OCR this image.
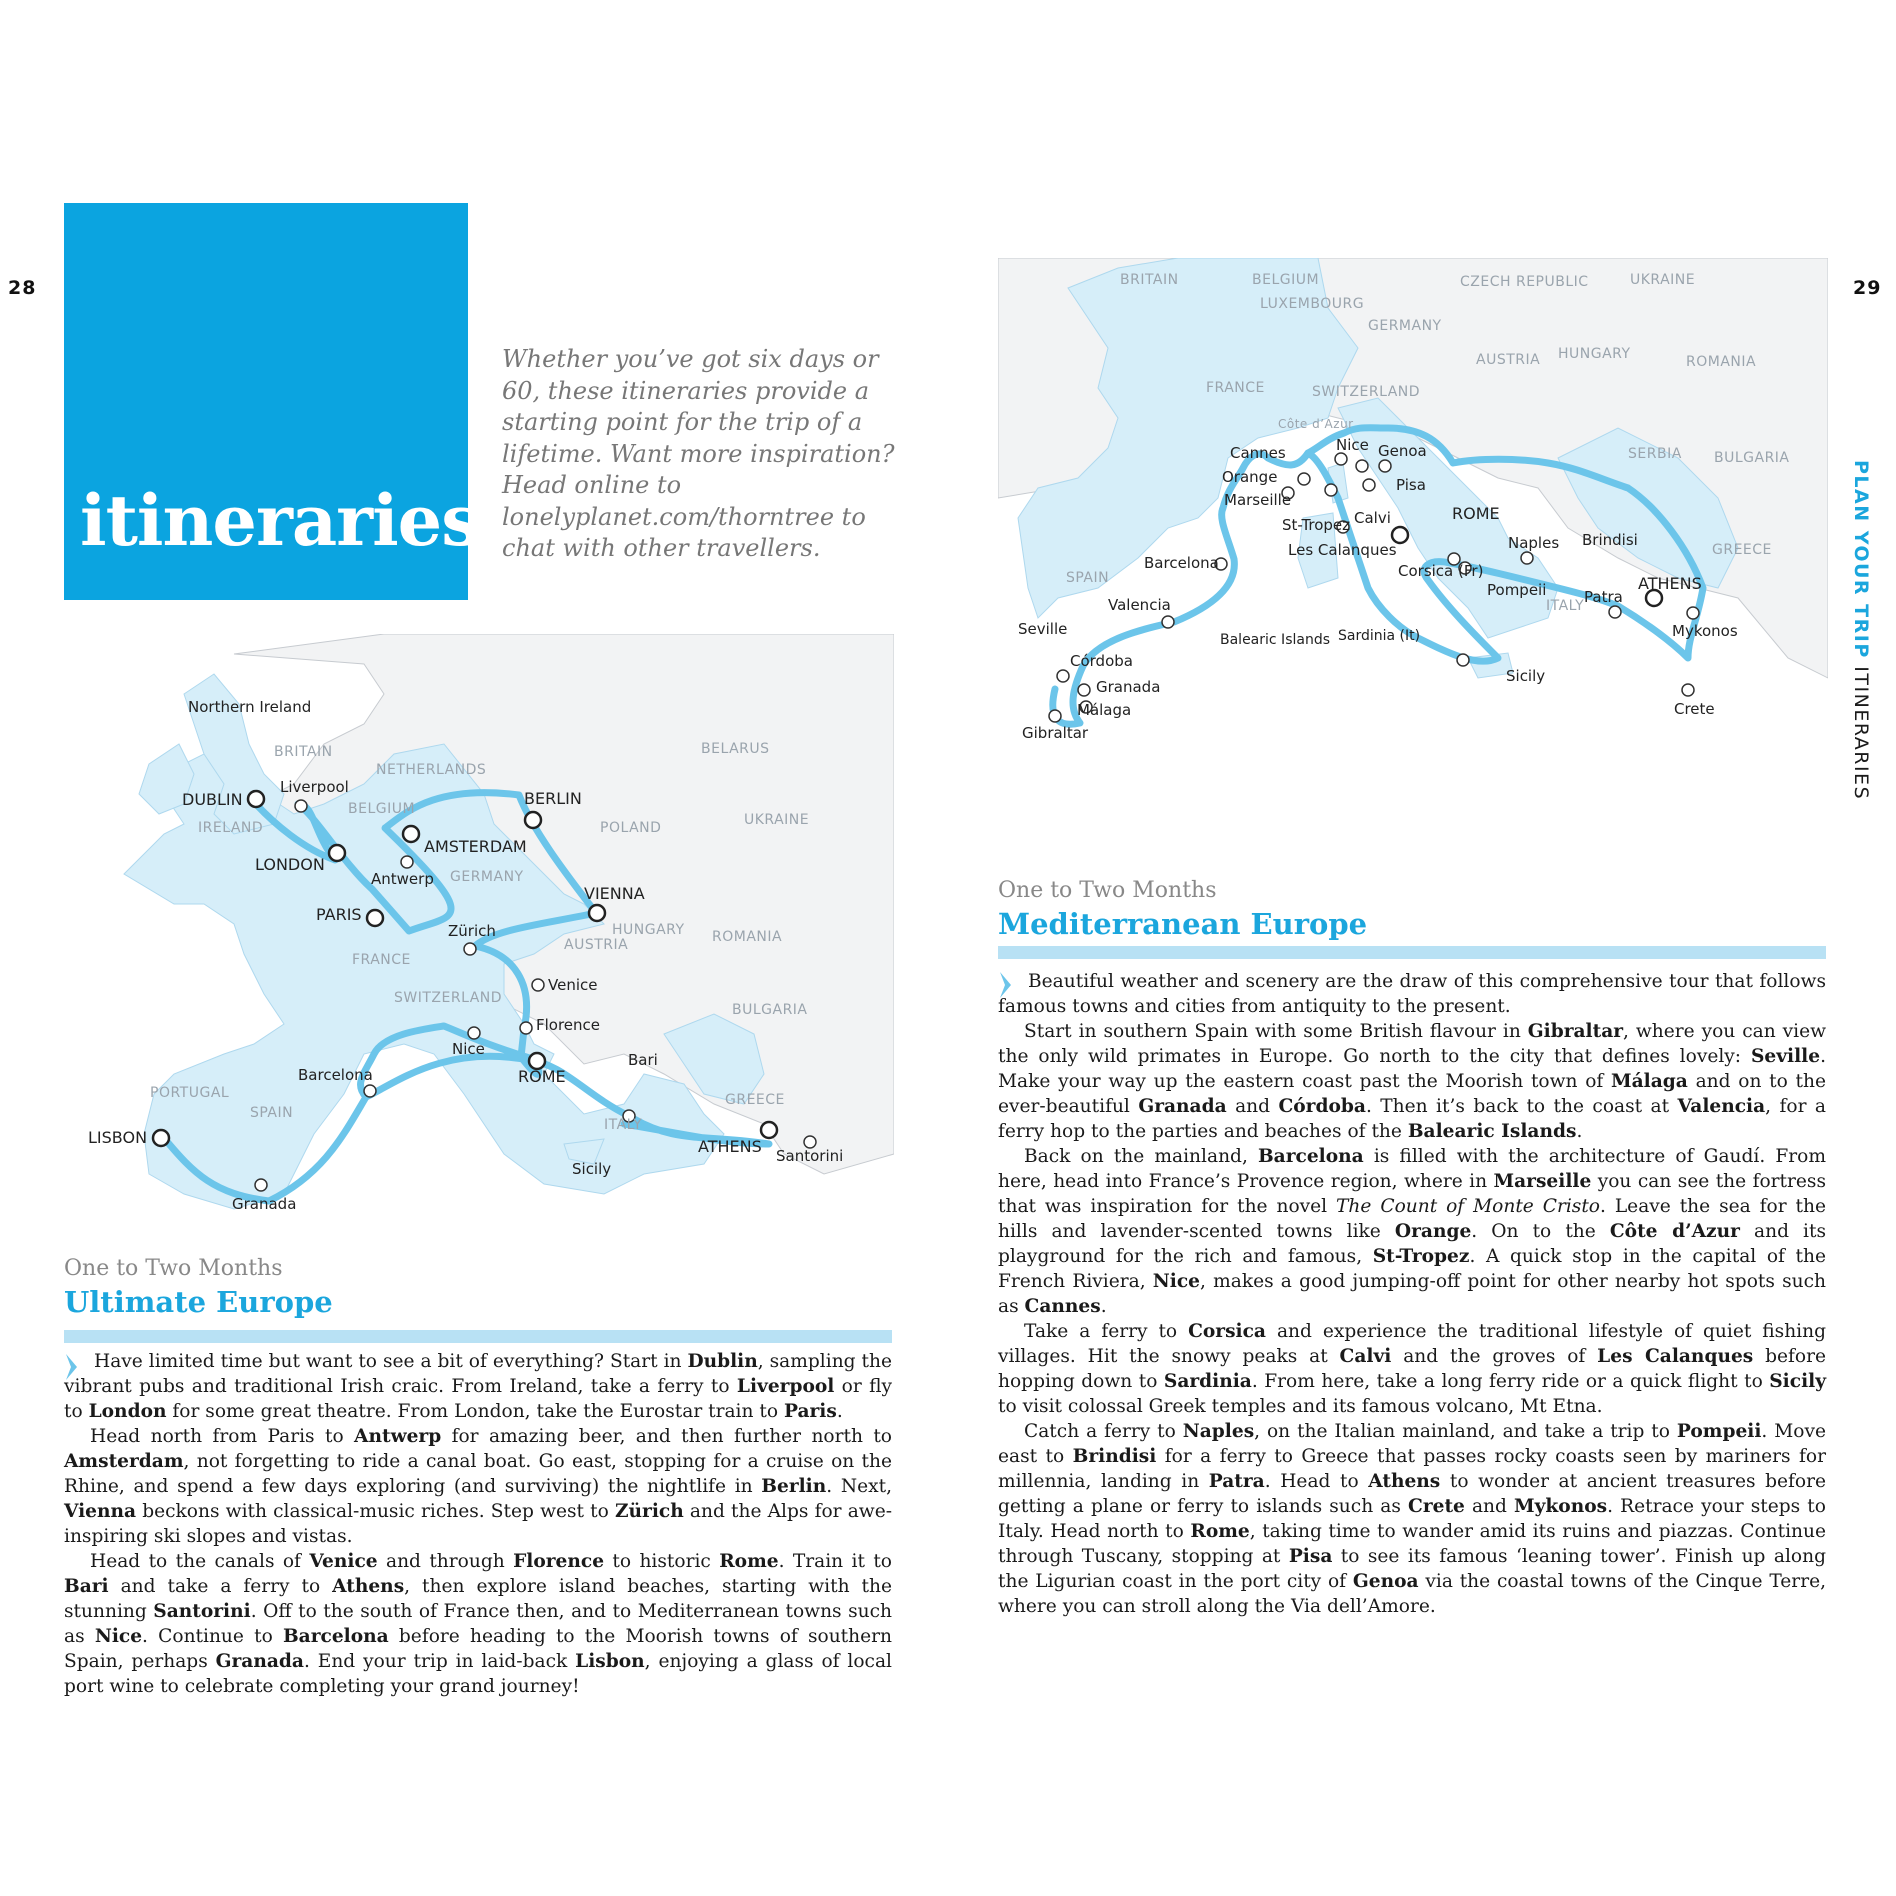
28	29
itineraries
Whether you’ve got six days or 60, these itineraries provide a starting point for the trip of a lifetime. Want more inspiration? Head online to lonelyplanet.com/thorntree to chat with other travellers.	PLAN YOUR TRIP ITINERARIES
BRITAIN
IRELAND
NETHERLANDS
BELGIUM
GERMANY
BELARUS
POLAND	UKRAINE
FRANCE
AUSTRIA
HUNGARY ROMANIA
SWITZERLAND
BULGARIA
GREECE
PORTUGAL
SPAIN
ITALY
Northern Ireland
Liverpool
DUBLIN
LONDON
Antwerp
PARIS
AMSTERDAM
BERLIN
VIENNA
Zürich
Venice
Florence
Nice
ROME
Bari
Barcelona
LISBON
Granada
ATHENS Santorini
Sicily
BRITAIN	BELGIUM
LUXEMBOURG
GERMANY
CZECH REPUBLIC	UKRAINE
AUSTRIA HUNGARY	ROMANIA
FRANCE	SWITZERLAND
SERBIA BULGARIA
SPAIN
ITALY
GREECE
Côte d’Azur
Nice Genoa
Cannes
Orange
Marseille
Pisa
St-Tropez Calvi
Les Calanques
ROME
Barcelona	Corsica (Fr)
Naples Brindisi
Pompeii
Valencia
Seville
Córdoba
Granada
Málaga
Gibraltar
Balearic Islands Sardinia (It)
Sicily
Patra
ATHENS
Mykonos
Crete
One to Two Months
Ultimate Europe

Have limited time but want to see a bit of everything? Start in Dublin, sampling the vibrant pubs and traditional Irish craic. From Ireland, take a ferry to Liverpool or fly to London for some great theatre. From London, take the Eurostar train to Paris.

Head north from Paris to Antwerp for amazing beer, and then further north to Amsterdam, not forgetting to ride a canal boat. Go east, stopping for a cruise on the Rhine, and spend a few days exploring (and surviving) the nightlife in Berlin. Next, Vienna beckons with classical-music riches. Step west to Zürich and the Alps for awe-inspiring ski slopes and vistas.

Head to the canals of Venice and through Florence to historic Rome. Train it to Bari and take a ferry to Athens, then explore island beaches, starting with the stunning Santorini. Off to the south of France then, and to Mediterranean towns such as Nice. Continue to Barcelona before heading to the Moorish towns of southern Spain, perhaps Granada. End your trip in laid-back Lisbon, enjoying a glass of local port wine to celebrate completing your grand journey!

One to Two Months
Mediterranean Europe

Beautiful weather and scenery are the draw of this comprehensive tour that follows famous towns and cities from antiquity to the present.

Start in southern Spain with some British flavour in Gibraltar, where you can view the only wild primates in Europe. Go north to the city that defines lovely: Seville. Make your way up the eastern coast past the Moorish town of Málaga and on to the ever-beautiful Granada and Córdoba. Then it’s back to the coast at Valencia, for a ferry hop to the parties and beaches of the Balearic Islands.

Back on the mainland, Barcelona is filled with the architecture of Gaudí. From here, head into France’s Provence region, where in Marseille you can see the fortress that was inspiration for the novel The Count of Monte Cristo. Leave the sea for the hills and lavender-scented towns like Orange. On to the Côte d’Azur and its playground for the rich and famous, St-Tropez. A quick stop in the capital of the French Riviera, Nice, makes a good jumping-off point for other nearby hot spots such as Cannes.

Take a ferry to Corsica and experience the traditional lifestyle of quiet fishing villages. Hit the snowy peaks at Calvi and the groves of Les Calanques before hopping down to Sardinia. From here, take a long ferry ride or a quick flight to Sicily to visit colossal Greek temples and its famous volcano, Mt Etna.

Catch a ferry to Naples, on the Italian mainland, and take a trip to Pompeii. Move east to Brindisi for a ferry to Greece that passes rocky coasts seen by mariners for millennia, landing in Patra. Head to Athens to wonder at ancient treasures before getting a plane or ferry to islands such as Crete and Mykonos. Retrace your steps to Italy. Head north to Rome, taking time to wander amid its ruins and piazzas. Continue through Tuscany, stopping at Pisa to see its famous ‘leaning tower’. Finish up along the Ligurian coast in the port city of Genoa via the coastal towns of the Cinque Terre, where you can stroll along the Via dell’Amore.
